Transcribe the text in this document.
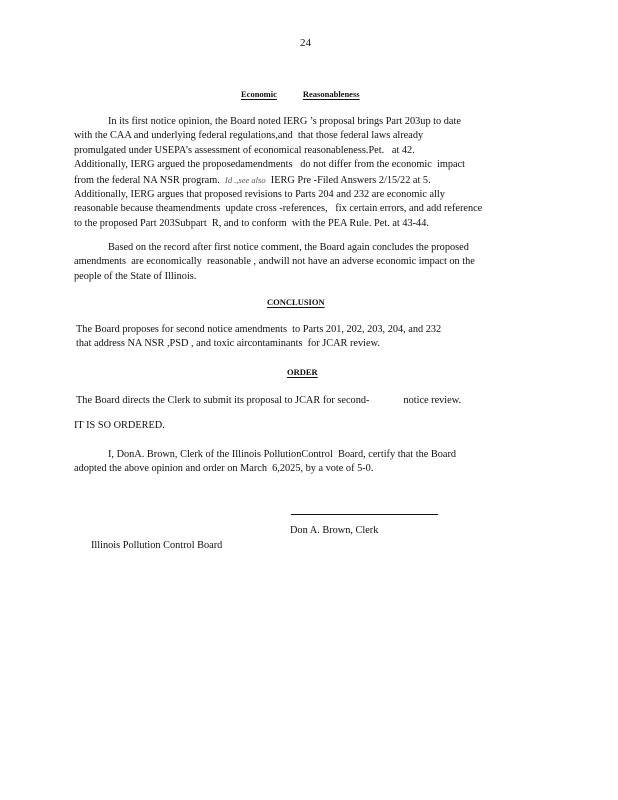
24
Economic	Reasonableness
In its first notice opinion, the Board noted IERG ’s proposal brings Part 203up to date
with the CAA and underlying federal regulations,and  that those federal laws already
promulgated under USEPA’s assessment of economical reasonableness.Pet.   at 42.
Additionally, IERG argued the proposedamendments   do not differ from the economic  impact
from the federal NA NSR program. Id .,see also IERG Pre -Filed Answers 2/15/22 at 5.
Additionally, IERG argues that proposed revisions to Parts 204 and 232 are economic ally
reasonable because theamendments  update cross -references,   fix certain errors, and add reference
to the proposed Part 203Subpart  R, and to conform  with the PEA Rule. Pet. at 43-44.
Based on the record after first notice comment, the Board again concludes the proposed
amendments  are economically  reasonable , andwill not have an adverse economic impact on the
people of the State of Illinois.
CONCLUSION
The Board proposes for second notice amendments  to Parts 201, 202, 203, 204, and 232
that address NA NSR ,PSD , and toxic aircontaminants  for JCAR review.
ORDER
The Board directs the Clerk to submit its proposal to JCAR for second-	notice review.
IT IS SO ORDERED.
I, DonA. Brown, Clerk of the Illinois PollutionControl  Board, certify that the Board
adopted the above opinion and order on March  6,2025, by a vote of 5-0.
Don A. Brown, Clerk
Illinois Pollution Control Board
